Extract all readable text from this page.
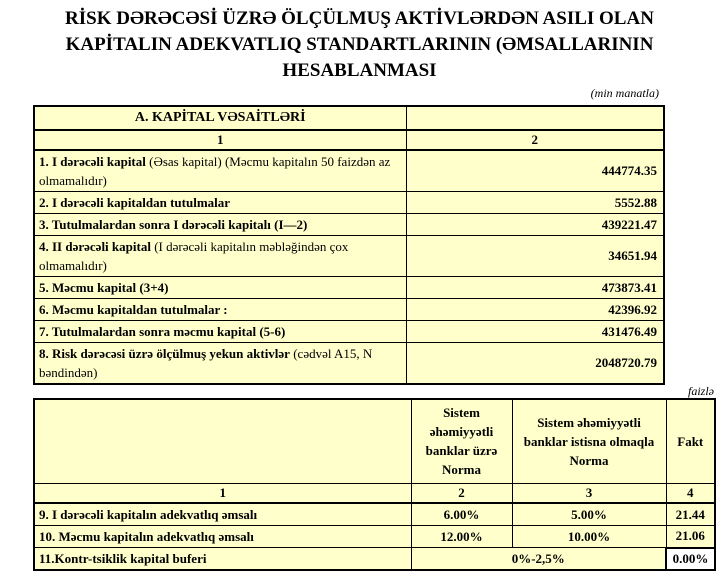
RİSK DƏRƏCƏSİ ÜZRƏ ÖLÇÜLMUŞ AKTİVLƏRDƏN ASILI OLAN KAPİTALIN ADEKVATLIQ STANDARTLARININ (ƏMSALLARININ HESABLANMASI
(min manatla)
A. KAPİTAL VƏSAİTLƏRİ	
1	2
1. I dərəcəli kapital (Əsas kapital) (Məcmu kapitalın 50 faizdən az olmamalıdır)	444774.35
2. I dərəcəli kapitaldan tutulmalar	5552.88
3. Tutulmalardan sonra I dərəcəli kapitalı (I—2)	439221.47
4. II dərəcəli kapital (I dərəcəli kapitalın məbləğindən çox olmamalıdır)	34651.94
5. Məcmu kapital (3+4)	473873.41
6. Məcmu kapitaldan tutulmalar :	42396.92
7. Tutulmalardan sonra məcmu kapital (5-6)	431476.49
8. Risk dərəcəsi üzrə ölçülmuş yekun aktivlər (cədvəl A15, N bəndindən)	2048720.79
faizlə
	Sistem əhəmiyyətli banklar üzrə Norma	Sistem əhəmiyyətli banklar istisna olmaqla Norma	Fakt
1	2	3	4
9. I dərəcəli kapitalın adekvatlıq əmsalı	6.00%	5.00%	21.44
10. Məcmu kapitalın adekvatlıq əmsalı	12.00%	10.00%	21.06
11.Kontr-tsiklik kapital buferi	0%-2,5%		0.00%
